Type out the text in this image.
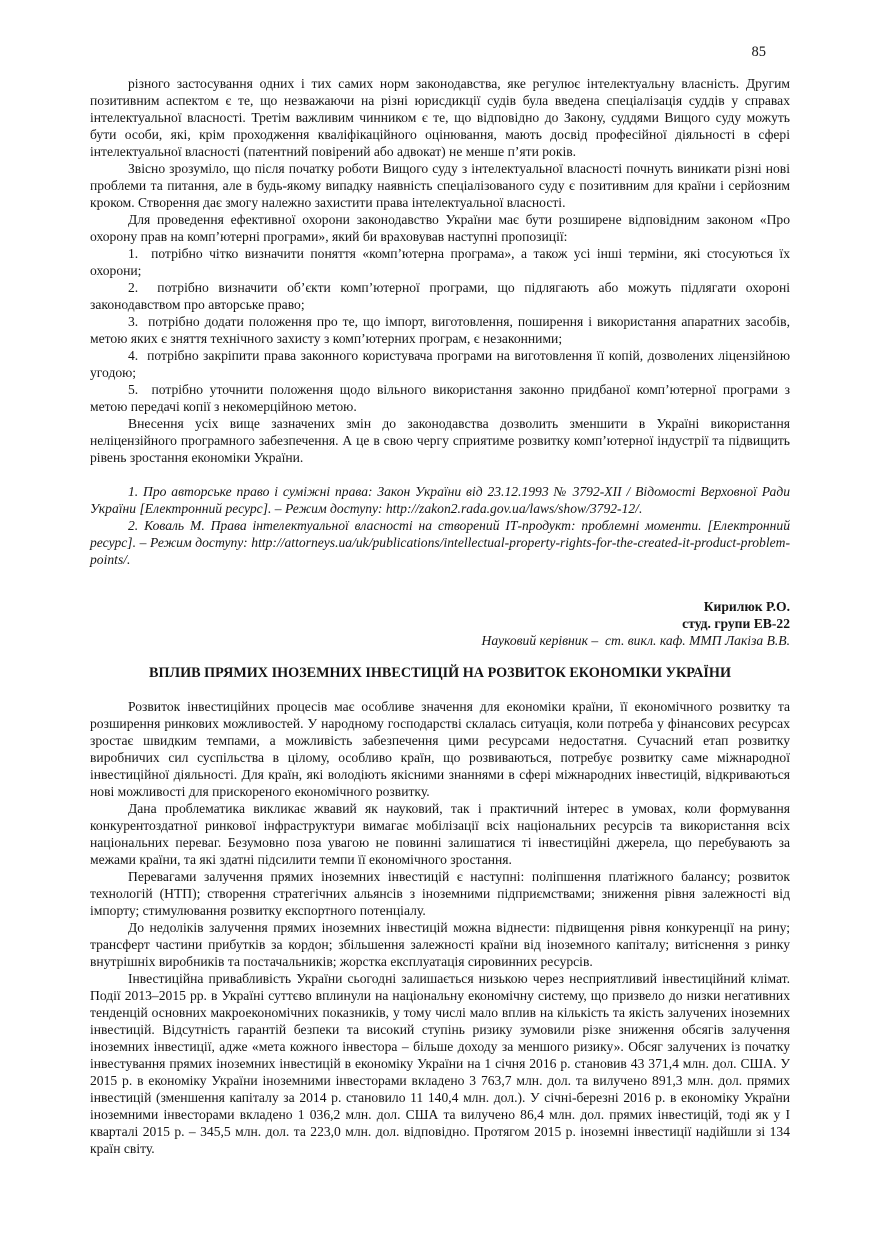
85

різного застосування одних і тих самих норм законодавства, яке регулює інтелектуальну власність. Другим позитивним аспектом є те, що незважаючи на різні юрисдикції судів була введена спеціалізація суддів у справах інтелектуальної власності. Третім важливим чинником є те, що відповідно до Закону, суддями Вищого суду можуть бути особи, які, крім проходження кваліфікаційного оцінювання, мають досвід професійної діяльності в сфері інтелектуальної власності (патентний повірений або адвокат) не менше п’яти років.

Звісно зрозуміло, що після початку роботи Вищого суду з інтелектуальної власності почнуть виникати різні нові проблеми та питання, але в будь-якому випадку наявність спеціалізованого суду є позитивним для країни і серйозним кроком. Створення дає змогу належно захистити права інтелектуальної власності.

Для проведення ефективної охорони законодавство України має бути розширене відповідним законом «Про охорону прав на комп’ютерні програми», який би враховував наступні пропозиції:

1.  потрібно чітко визначити поняття «комп’ютерна програма», а також усі інші терміни, які стосуються їх охорони;

2.  потрібно визначити об’єкти комп’ютерної програми, що підлягають або можуть підлягати охороні законодавством про авторське право;

3.  потрібно додати положення про те, що імпорт, виготовлення, поширення і використання апаратних засобів, метою яких є зняття технічного захисту з комп’ютерних програм, є незаконними;

4.  потрібно закріпити права законного користувача програми на виготовлення її копій, дозволених ліцензійною угодою;

5.  потрібно уточнити положення щодо вільного використання законно придбаної комп’ютерної програми з метою передачі копії з некомерційною метою.

Внесення усіх вище зазначених змін до законодавства дозволить зменшити в Україні використання неліцензійного програмного забезпечення. А це в свою чергу сприятиме розвитку комп’ютерної індустрії та підвищить рівень зростання економіки України.

1. Про авторське право і суміжні права: Закон України від 23.12.1993 № 3792-XII / Відомості Верховної Ради України [Електронний ресурс]. – Режим доступу: http://zakon2.rada.gov.ua/laws/show/3792-12/.

2. Коваль М. Права інтелектуальної власності на створений ІТ-продукт: проблемні моменти. [Електронний ресурс]. – Режим доступу: http://attorneys.ua/uk/publications/intellectual-property-rights-for-the-created-it-product-problem-points/.

Кирилюк Р.О.

студ. групи ЕВ-22

Науковий керівник –  ст. викл. каф. ММП Лакіза В.В.

ВПЛИВ ПРЯМИХ ІНОЗЕМНИХ ІНВЕСТИЦІЙ НА РОЗВИТОК ЕКОНОМІКИ УКРАЇНИ

Розвиток інвестиційних процесів має особливе значення для економіки країни, її економічного розвитку та розширення ринкових можливостей. У народному господарстві склалась ситуація, коли потреба у фінансових ресурсах зростає швидким темпами, а можливість забезпечення цими ресурсами недостатня. Сучасний етап розвитку виробничих сил суспільства в цілому, особливо країн, що розвиваються, потребує розвитку саме міжнародної інвестиційної діяльності. Для країн, які володіють якісними знаннями в сфері міжнародних інвестицій, відкриваються нові можливості для прискореного економічного розвитку.

Дана проблематика викликає жвавий як науковий, так і практичний інтерес в умовах, коли формування конкурентоздатної ринкової інфраструктури вимагає мобілізації всіх національних ресурсів та використання всіх національних переваг. Безумовно поза увагою не повинні залишатися ті інвестиційні джерела, що перебувають за межами країни, та які здатні підсилити темпи її економічного зростання.

Перевагами залучення прямих іноземних інвестицій є наступні: поліпшення платіжного балансу; розвиток технологій (НТП); створення стратегічних альянсів з іноземними підприємствами; зниження рівня залежності від імпорту; стимулювання розвитку експортного потенціалу.

До недоліків залучення прямих іноземних інвестицій можна віднести: підвищення рівня конкуренції на рину; трансферт частини прибутків за кордон; збільшення залежності країни від іноземного капіталу; витіснення з ринку внутрішніх виробників та постачальників; жорстка експлуатація сировинних ресурсів.

Інвестиційна привабливість України сьогодні залишається низькою через несприятливий інвестиційний клімат. Події 2013–2015 рр. в Україні суттєво вплинули на національну економічну систему, що призвело до низки негативних тенденцій основних макроекономічних показників, у тому числі мало вплив на кількість та якість залучених іноземних інвестицій. Відсутність гарантій безпеки та високий ступінь ризику зумовили різке зниження обсягів залучення іноземних інвестиції, адже «мета кожного інвестора – більше доходу за меншого ризику». Обсяг залучених із початку інвестування прямих іноземних інвестицій в економіку України на 1 січня 2016 р. становив 43 371,4 млн. дол. США. У 2015 р. в економіку України іноземними інвесторами вкладено 3 763,7 млн. дол. та вилучено 891,3 млн. дол. прямих інвестицій (зменшення капіталу за 2014 р. становило 11 140,4 млн. дол.). У січні-березні 2016 р. в економіку України іноземними інвесторами вкладено 1 036,2 млн. дол. США та вилучено 86,4 млн. дол. прямих інвестицій, тоді як у І кварталі 2015 р. – 345,5 млн. дол. та 223,0 млн. дол. відповідно. Протягом 2015 р. іноземні інвестиції надійшли зі 134 країн світу.
